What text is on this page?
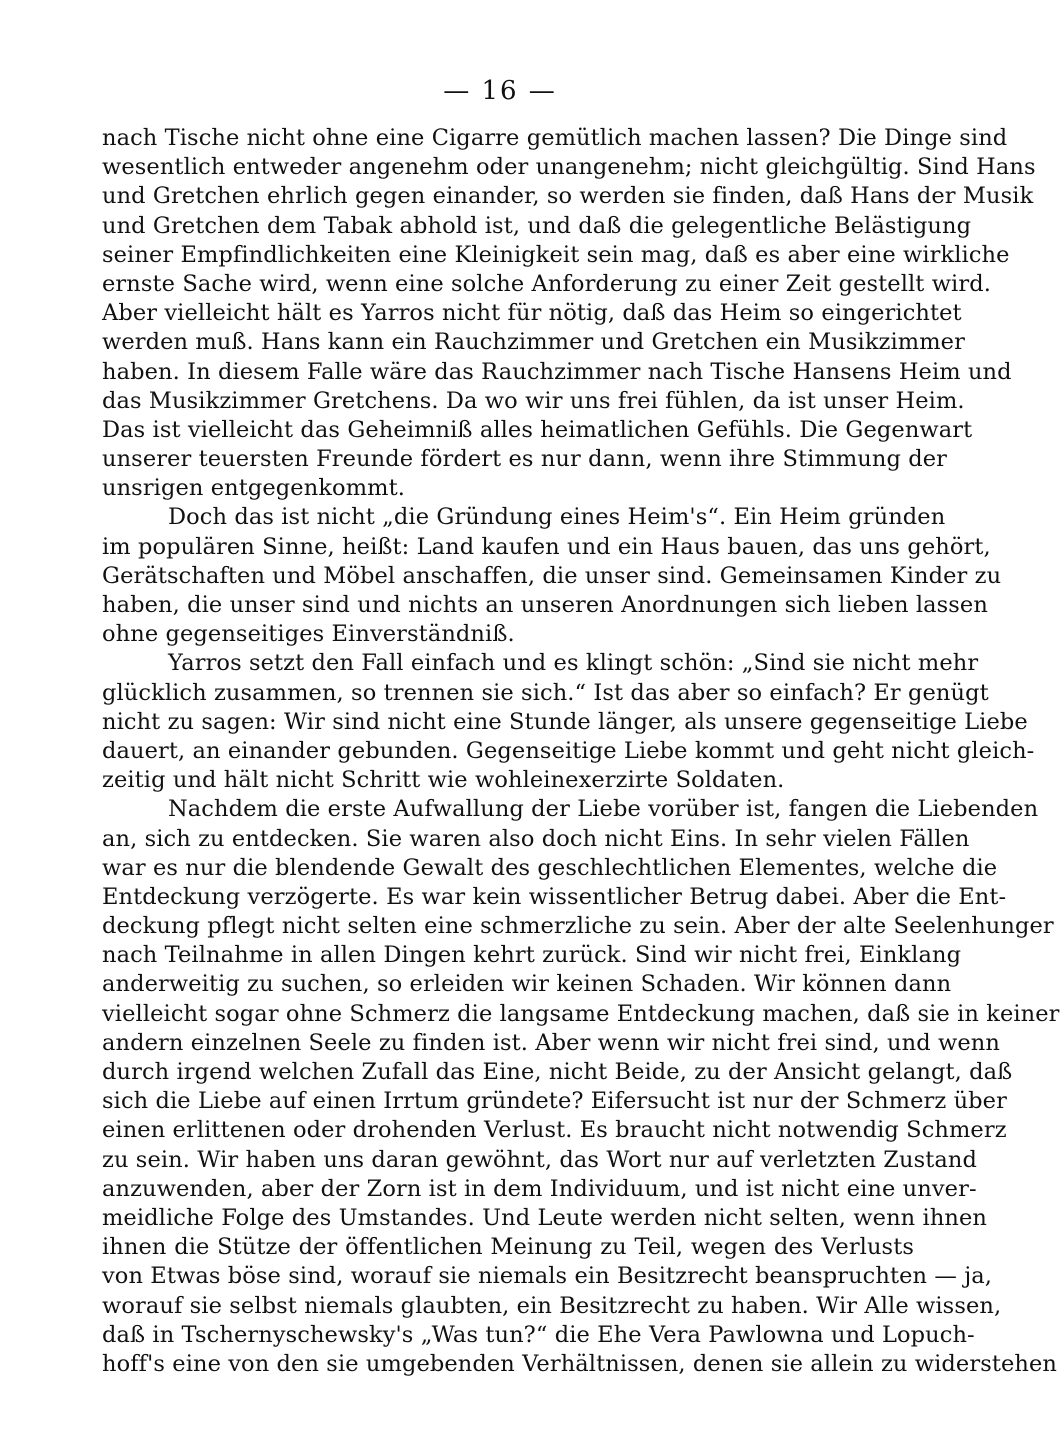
— 16 —
nach Tische nicht ohne eine Cigarre gemütlich machen lassen? Die Dinge sind
wesentlich entweder angenehm oder unangenehm; nicht gleichgültig. Sind Hans
und Gretchen ehrlich gegen einander, so werden sie finden, daß Hans der Musik
und Gretchen dem Tabak abhold ist, und daß die gelegentliche Belästigung
seiner Empfindlichkeiten eine Kleinigkeit sein mag, daß es aber eine wirkliche
ernste Sache wird, wenn eine solche Anforderung zu einer Zeit gestellt wird.
Aber vielleicht hält es Yarros nicht für nötig, daß das Heim so eingerichtet
werden muß. Hans kann ein Rauchzimmer und Gretchen ein Musikzimmer
haben. In diesem Falle wäre das Rauchzimmer nach Tische Hansens Heim und
das Musikzimmer Gretchens. Da wo wir uns frei fühlen, da ist unser Heim.
Das ist vielleicht das Geheimniß alles heimatlichen Gefühls. Die Gegenwart
unserer teuersten Freunde fördert es nur dann, wenn ihre Stimmung der
unsrigen entgegenkommt.
Doch das ist nicht „die Gründung eines Heim's“. Ein Heim gründen
im populären Sinne, heißt: Land kaufen und ein Haus bauen, das uns gehört,
Gerätschaften und Möbel anschaffen, die unser sind. Gemeinsamen Kinder zu
haben, die unser sind und nichts an unseren Anordnungen sich lieben lassen
ohne gegenseitiges Einverständniß.
Yarros setzt den Fall einfach und es klingt schön: „Sind sie nicht mehr
glücklich zusammen, so trennen sie sich.“ Ist das aber so einfach? Er genügt
nicht zu sagen: Wir sind nicht eine Stunde länger, als unsere gegenseitige Liebe
dauert, an einander gebunden. Gegenseitige Liebe kommt und geht nicht gleich-
zeitig und hält nicht Schritt wie wohleinexerzirte Soldaten.
Nachdem die erste Aufwallung der Liebe vorüber ist, fangen die Liebenden
an, sich zu entdecken. Sie waren also doch nicht Eins. In sehr vielen Fällen
war es nur die blendende Gewalt des geschlechtlichen Elementes, welche die
Entdeckung verzögerte. Es war kein wissentlicher Betrug dabei. Aber die Ent-
deckung pflegt nicht selten eine schmerzliche zu sein. Aber der alte Seelenhunger
nach Teilnahme in allen Dingen kehrt zurück. Sind wir nicht frei, Einklang
anderweitig zu suchen, so erleiden wir keinen Schaden. Wir können dann
vielleicht sogar ohne Schmerz die langsame Entdeckung machen, daß sie in keiner
andern einzelnen Seele zu finden ist. Aber wenn wir nicht frei sind, und wenn
durch irgend welchen Zufall das Eine, nicht Beide, zu der Ansicht gelangt, daß
sich die Liebe auf einen Irrtum gründete? Eifersucht ist nur der Schmerz über
einen erlittenen oder drohenden Verlust. Es braucht nicht notwendig Schmerz
zu sein. Wir haben uns daran gewöhnt, das Wort nur auf verletzten Zustand
anzuwenden, aber der Zorn ist in dem Individuum, und ist nicht eine unver-
meidliche Folge des Umstandes. Und Leute werden nicht selten, wenn ihnen
ihnen die Stütze der öffentlichen Meinung zu Teil, wegen des Verlusts
von Etwas böse sind, worauf sie niemals ein Besitzrecht beanspruchten — ja,
worauf sie selbst niemals glaubten, ein Besitzrecht zu haben. Wir Alle wissen,
daß in Tschernyschewsky's „Was tun?“ die Ehe Vera Pawlowna und Lopuch-
hoff's eine von den sie umgebenden Verhältnissen, denen sie allein zu widerstehen
